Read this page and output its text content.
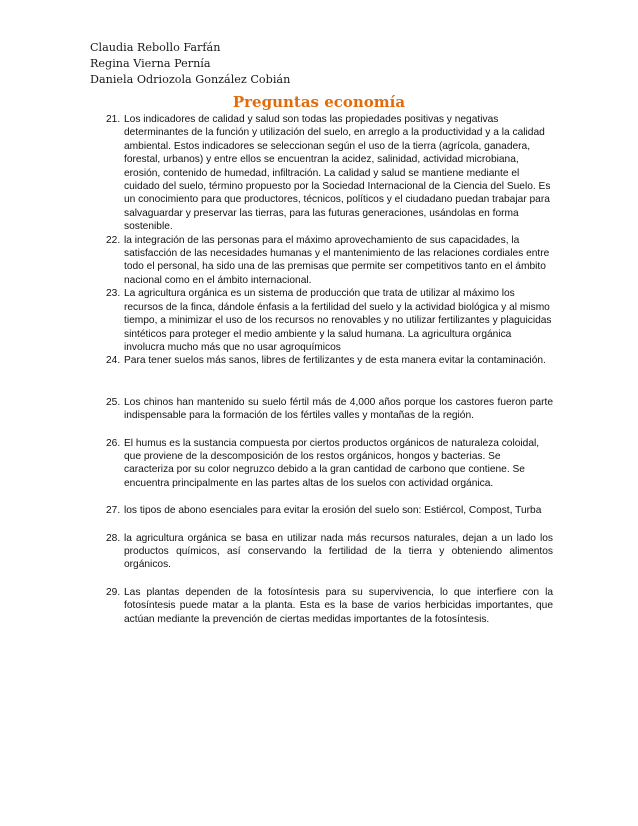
Claudia Rebollo Farfán
Regina Vierna Pernía
Daniela Odriozola González Cobián
Preguntas economía
21. Los indicadores de calidad y salud son todas las propiedades positivas y negativas determinantes de la función y utilización del suelo, en arreglo a la productividad y a la calidad ambiental. Estos indicadores se seleccionan según el uso de la tierra (agrícola, ganadera, forestal, urbanos) y entre ellos se encuentran la acidez, salinidad, actividad microbiana, erosión, contenido de humedad, infiltración. La calidad y salud se mantiene mediante el cuidado del suelo, término propuesto por la Sociedad Internacional de la Ciencia del Suelo. Es un conocimiento para que productores, técnicos, políticos y el ciudadano puedan trabajar para salvaguardar y preservar las tierras, para las futuras generaciones, usándolas en forma sostenible.
22. la integración de las personas para el máximo aprovechamiento de sus capacidades, la satisfacción de las necesidades humanas y el mantenimiento de las relaciones cordiales entre todo el personal, ha sido una de las premisas que permite ser competitivos tanto en el ámbito nacional como en el ámbito internacional.
23. La agricultura orgánica es un sistema de producción que trata de utilizar al máximo los recursos de la finca, dándole énfasis a la fertilidad del suelo y la actividad biológica y al mismo tiempo, a minimizar el uso de los recursos no renovables y no utilizar fertilizantes y plaguicidas sintéticos para proteger el medio ambiente y la salud humana. La agricultura orgánica involucra mucho más que no usar agroquímicos
24. Para tener suelos más sanos, libres de fertilizantes y de esta manera evitar la contaminación.
25. Los chinos han mantenido su suelo fértil más de 4,000 años porque los castores fueron parte indispensable para la formación de los fértiles valles y montañas de la región.
26. El humus es la sustancia compuesta por ciertos productos orgánicos de naturaleza coloidal, que proviene de la descomposición de los restos orgánicos, hongos y bacterias. Se caracteriza por su color negruzco debido a la gran cantidad de carbono que contiene. Se encuentra principalmente en las partes altas de los suelos con actividad orgánica.
27. los tipos de abono esenciales para evitar la erosión del suelo son: Estiércol, Compost, Turba
28. la agricultura orgánica se basa en utilizar nada más recursos naturales, dejan a un lado los productos químicos, así conservando la fertilidad de la tierra y obteniendo alimentos orgánicos.
29. Las plantas dependen de la fotosíntesis para su supervivencia, lo que interfiere con la fotosíntesis puede matar a la planta. Esta es la base de varios herbicidas importantes, que actúan mediante la prevención de ciertas medidas importantes de la fotosíntesis.
